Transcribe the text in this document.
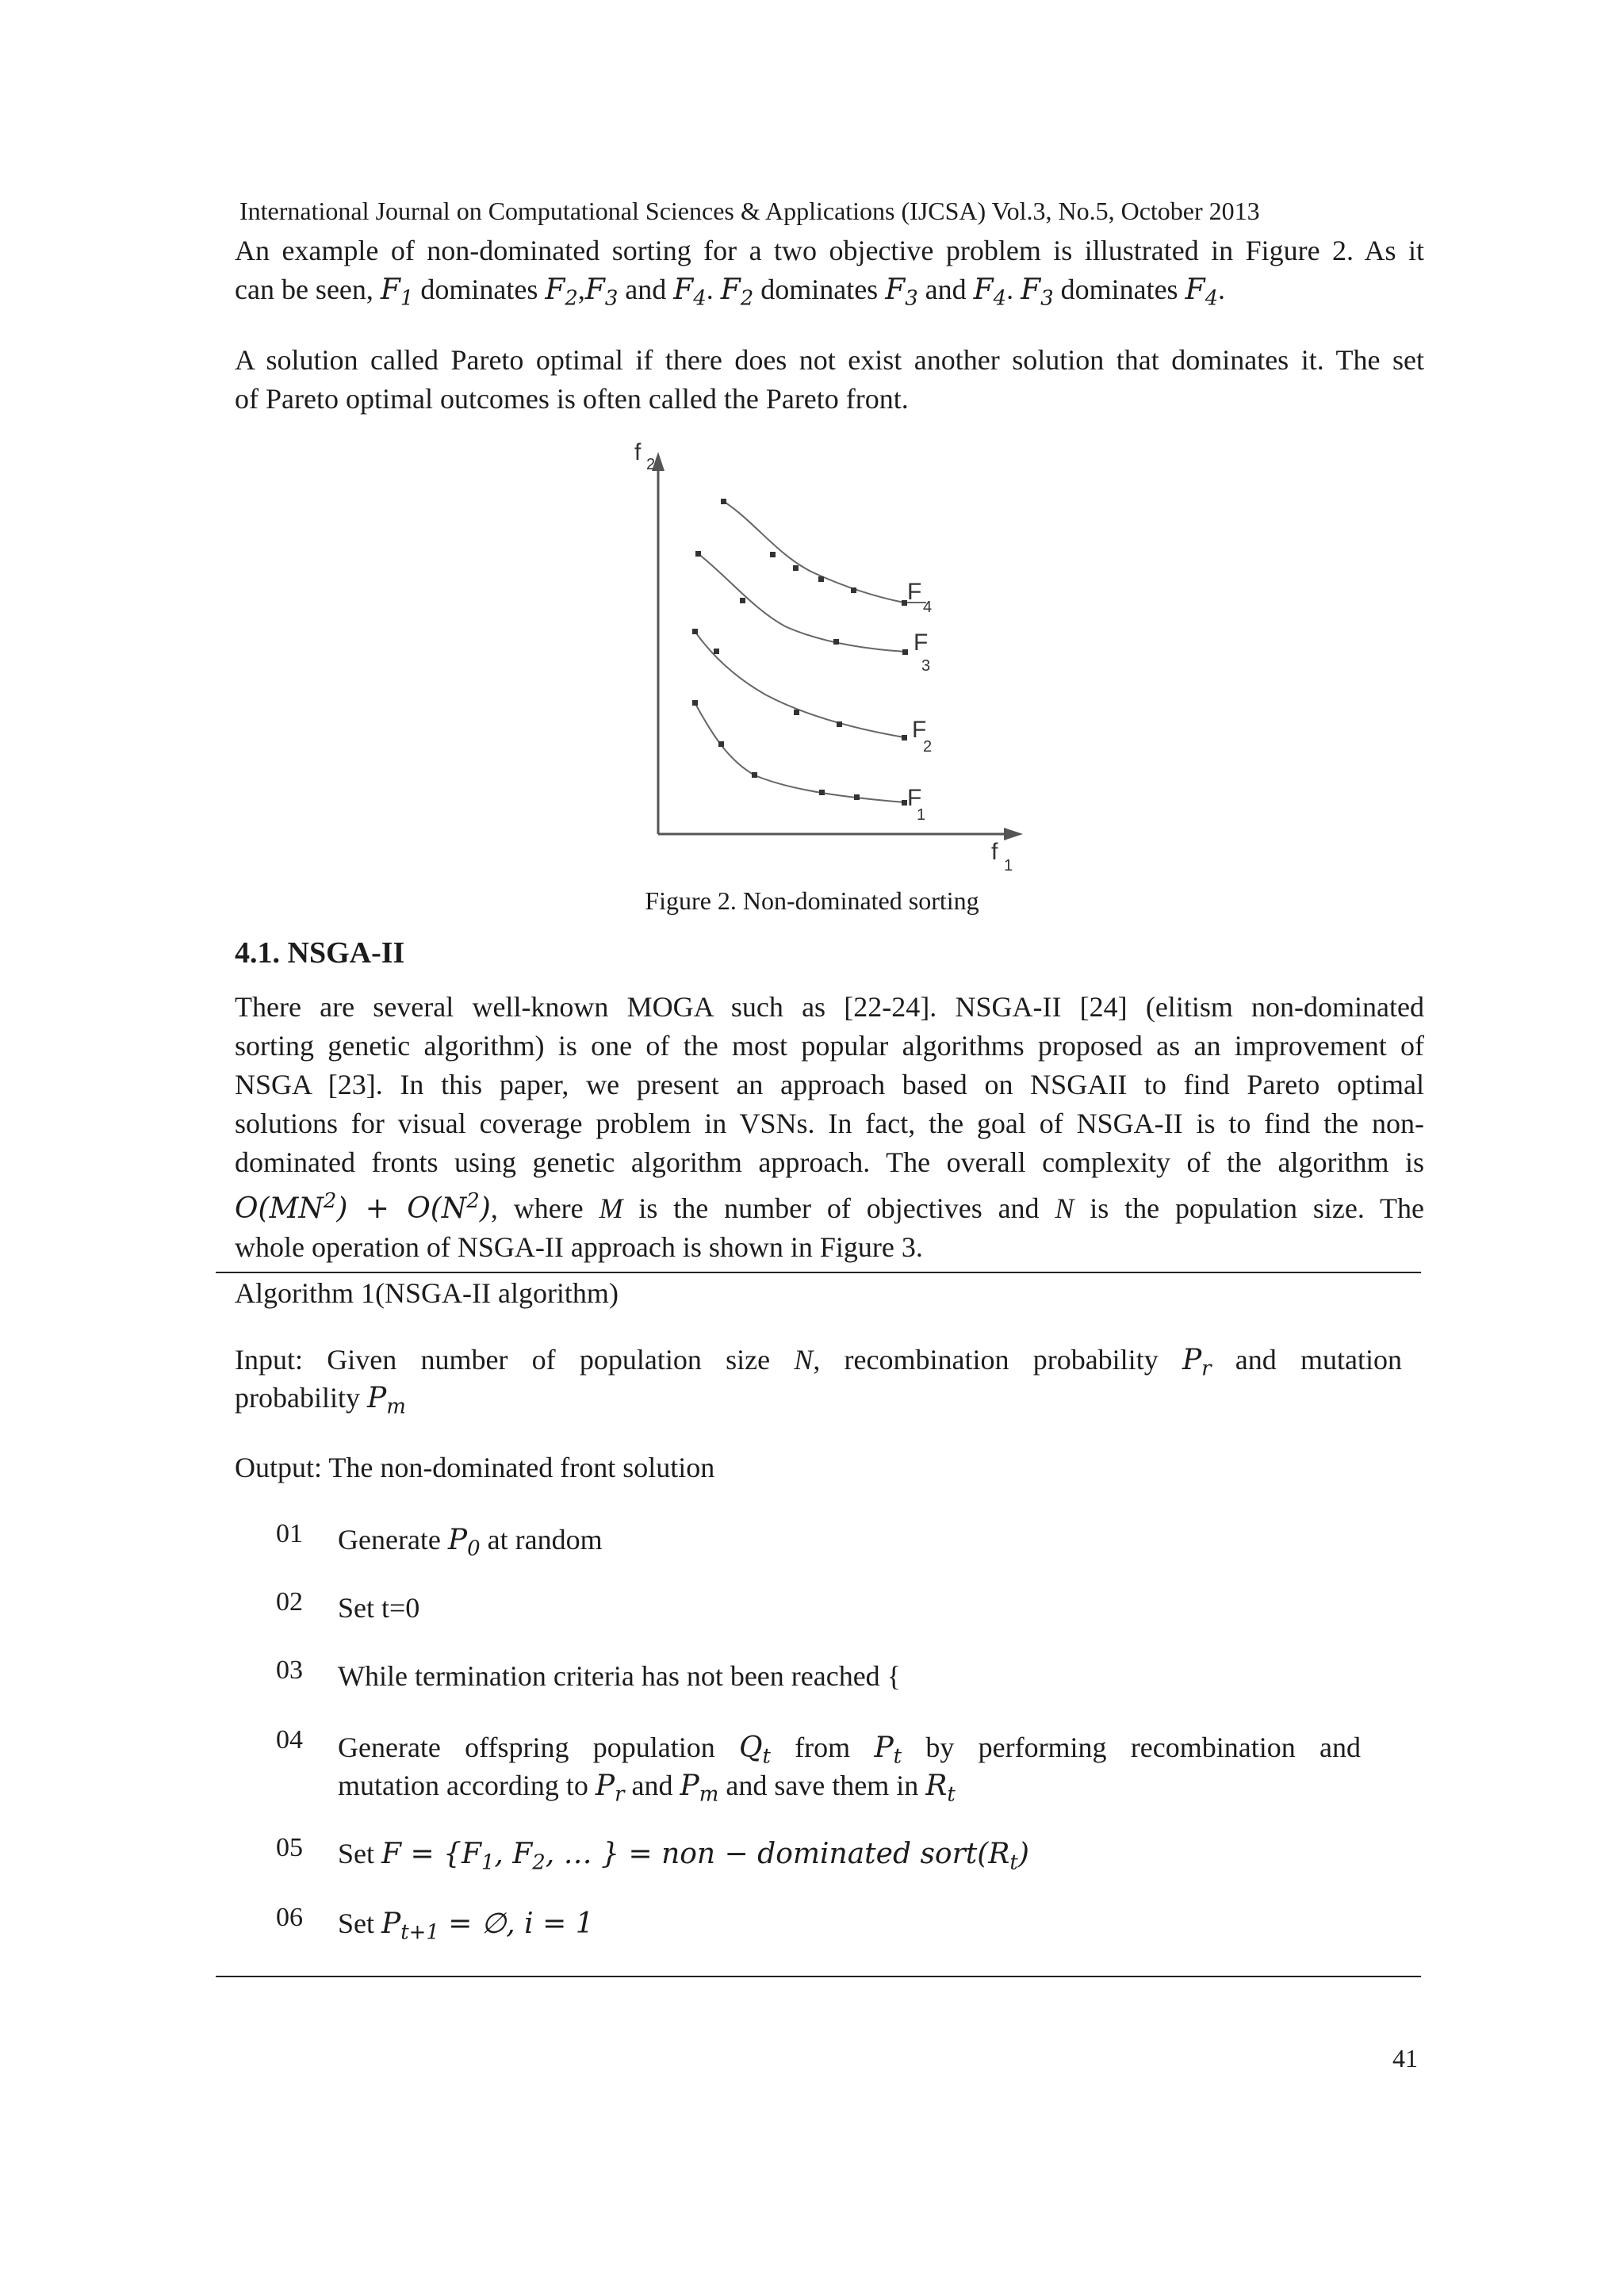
International Journal on Computational Sciences & Applications (IJCSA) Vol.3, No.5, October 2013
An example of non-dominated sorting for a two objective problem is illustrated in Figure 2. As it
can be seen, $F_1$ dominates $F_2,F_3$ and $F_4$. $F_2$ dominates $F_3$ and $F_4$. $F_3$ dominates $F_4$.
A solution called Pareto optimal if there does not exist another solution that dominates it. The set
of Pareto optimal outcomes is often called the Pareto front.
f 2
f
1
F
4
F
3
F
2
F
1
Figure 2. Non-dominated sorting
4.1. NSGA-II
There are several well-known MOGA such as [22-24]. NSGA-II [24] (elitism non-dominated
sorting genetic algorithm) is one of the most popular algorithms proposed as an improvement of
NSGA [23]. In this paper, we present an approach based on NSGAII to find Pareto optimal
solutions for visual coverage problem in VSNs. In fact, the goal of NSGA-II is to find the non-
dominated fronts using genetic algorithm approach. The overall complexity of the algorithm is
$O(MN^2) + O(N^2)$, where M is the number of objectives and N is the population size. The
whole operation of NSGA-II approach is shown in Figure 3.
Algorithm 1(NSGA-II algorithm)
Input: Given number of population size N, recombination probability $P_r$ and mutation
probability $P_m$
Output: The non-dominated front solution
01 Generate $P_0$ at random
02 Set t=0
03 While termination criteria has not been reached {
04 Generate offspring population $Q_t$ from $P_t$ by performing recombination and
mutation according to $P_r$ and $P_m$ and save them in $R_t$
05 Set $F = \{F_1$, $F_2$, … } = non − dominated $sort(R_t)$
06 Set $P_{t+1}$ = ∅, i = 1
41
